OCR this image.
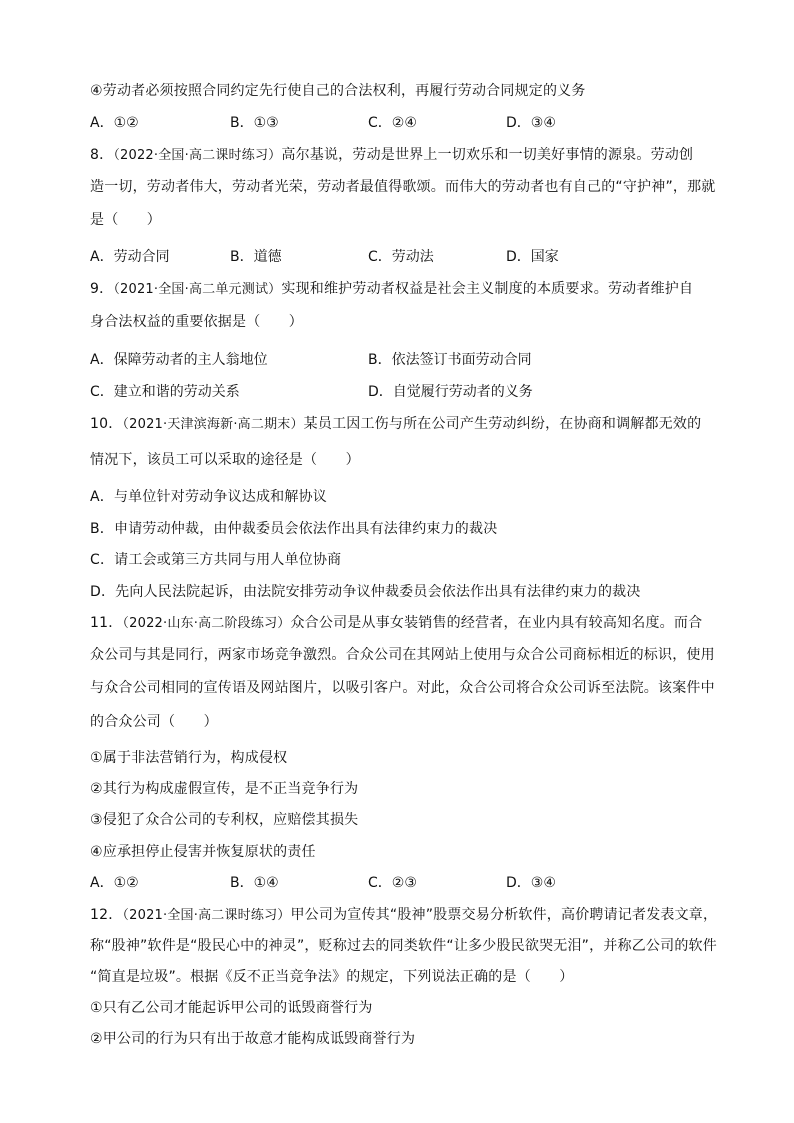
④劳动者必须按照合同约定先行使自己的合法权利，再履行劳动合同规定的义务
A．①②	B．①③	C．②④	D．③④
8．（2022·全国·高二课时练习）高尔基说，劳动是世界上一切欢乐和一切美好事情的源泉。劳动创
造一切，劳动者伟大，劳动者光荣，劳动者最值得歌颂。而伟大的劳动者也有自己的“守护神”，那就
是（　　）
A．劳动合同	B．道德	C．劳动法	D．国家
9．（2021·全国·高二单元测试）实现和维护劳动者权益是社会主义制度的本质要求。劳动者维护自
身合法权益的重要依据是（　　）
A．保障劳动者的主人翁地位	B．依法签订书面劳动合同
C．建立和谐的劳动关系	D．自觉履行劳动者的义务
10．（2021·天津滨海新·高二期末）某员工因工伤与所在公司产生劳动纠纷，在协商和调解都无效的
情况下，该员工可以采取的途径是（　　）
A．与单位针对劳动争议达成和解协议
B．申请劳动仲裁，由仲裁委员会依法作出具有法律约束力的裁决
C．请工会或第三方共同与用人单位协商
D．先向人民法院起诉，由法院安排劳动争议仲裁委员会依法作出具有法律约束力的裁决
11．（2022·山东·高二阶段练习）众合公司是从事女装销售的经营者，在业内具有较高知名度。而合
众公司与其是同行，两家市场竞争激烈。合众公司在其网站上使用与众合公司商标相近的标识，使用
与众合公司相同的宣传语及网站图片，以吸引客户。对此，众合公司将合众公司诉至法院。该案件中
的合众公司（　　）
①属于非法营销行为，构成侵权
②其行为构成虚假宣传，是不正当竞争行为
③侵犯了众合公司的专利权，应赔偿其损失
④应承担停止侵害并恢复原状的责任
A．①②	B．①④	C．②③	D．③④
12．（2021·全国·高二课时练习）甲公司为宣传其“股神”股票交易分析软件，高价聘请记者发表文章，
称“股神”软件是“股民心中的神灵”，贬称过去的同类软件“让多少股民欲哭无泪”，并称乙公司的软件
“简直是垃圾”。根据《反不正当竞争法》的规定，下列说法正确的是（　　）
①只有乙公司才能起诉甲公司的诋毁商誉行为
②甲公司的行为只有出于故意才能构成诋毁商誉行为
